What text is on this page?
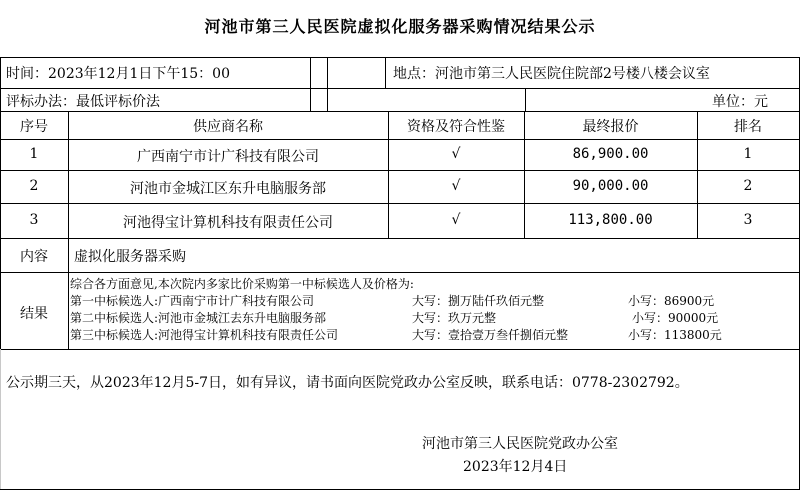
河池市第三人民医院虚拟化服务器采购情况结果公示
时间：2023年12月1日下午15：00	地点：河池市第三人民医院住院部2号楼八楼会议室
评标办法：最低评标价法	单位：元
序号	供应商名称	资格及符合性鉴	最终报价	排名
1	广西南宁市计广科技有限公司	√	86,900.00	1
2	河池市金城江区东升电脑服务部	√	90,000.00	2
3	河池得宝计算机科技有限责任公司	√	113,800.00	3
内容	虚拟化服务器采购
结果
综合各方面意见,本次院内多家比价采购第一中标候选人及价格为:
第一中标候选人:广西南宁市计广科技有限公司	大写：捌万陆仟玖佰元整	小写：86900元
第二中标候选人:河池市金城江去东升电脑服务部	大写：玖万元整	小写：90000元
第三中标候选人:河池得宝计算机科技有限责任公司	大写：壹拾壹万叁仟捌佰元整	小写：113800元
公示期三天，从2023年12月5-7日，如有异议，请书面向医院党政办公室反映，联系电话：0778-2302792。
河池市第三人民医院党政办公室
2023年12月4日
